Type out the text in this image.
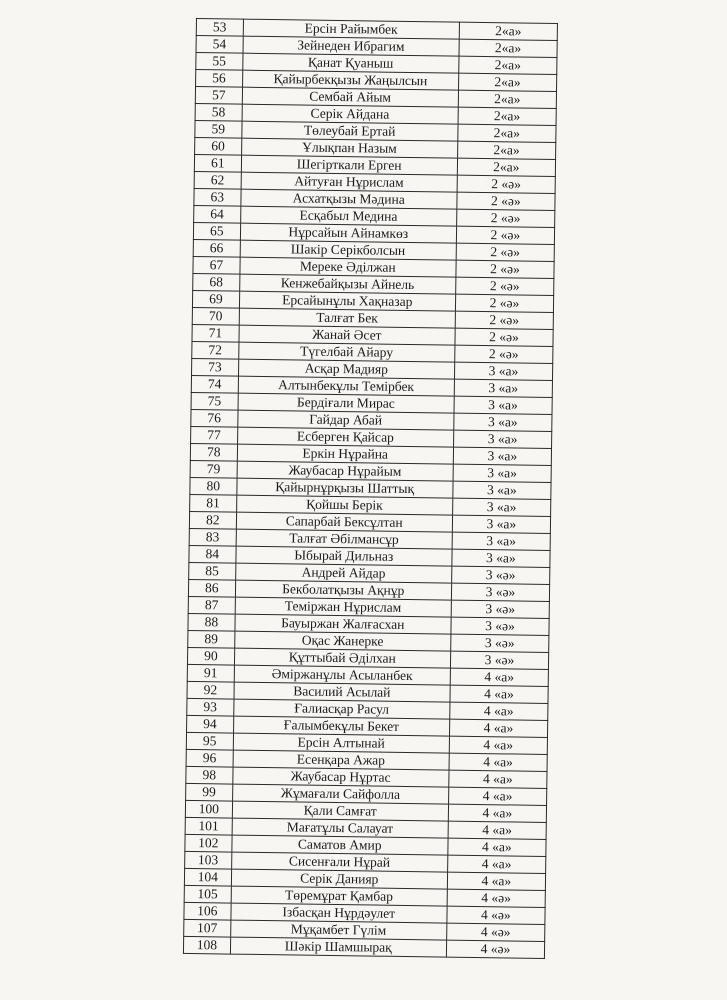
53	Ерсін Райымбек	2«а»
54	Зейнеден Ибрагим	2«а»
55	Қанат Қуаныш	2«а»
56	Қайырбекқызы Жаңылсын	2«а»
57	Сембай Айым	2«а»
58	Серік Айдана	2«а»
59	Төлеубай Ертай	2«а»
60	Ұлықпан Назым	2«а»
61	Шегірткали Ерген	2«а»
62	Айтуған Нұрислам	2 «ә»
63	Асхатқызы Мәдина	2 «ә»
64	Есқабыл Медина	2 «ә»
65	Нұрсайын Айнамкөз	2 «ә»
66	Шакір Серікболсын	2 «ә»
67	Мереке Әділжан	2 «ә»
68	Кенжебайқызы Айнель	2 «ә»
69	Ерсайынұлы Хақназар	2 «ә»
70	Талғат Бек	2 «ә»
71	Жанай Әсет	2 «ә»
72	Түгелбай Айару	2 «ә»
73	Асқар Мадияр	3 «а»
74	Алтынбекұлы Темірбек	3 «а»
75	Бердіғали Мирас	3 «а»
76	Гайдар Абай	3 «а»
77	Есберген Қайсар	3 «а»
78	Еркін Нұрайна	3 «а»
79	Жаубасар Нұрайым	3 «а»
80	Қайырнұрқызы Шаттық	3 «а»
81	Қойшы Берік	3 «а»
82	Сапарбай Бексұлтан	3 «а»
83	Талғат Әбілмансұр	3 «а»
84	Ыбырай Дильназ	3 «а»
85	Андрей Айдар	3 «ә»
86	Бекболатқызы Ақнұр	3 «ә»
87	Теміржан Нұрислам	3 «ә»
88	Бауыржан Жалғасхан	3 «ә»
89	Оқас Жанерке	3 «ә»
90	Құттыбай Әділхан	3 «ә»
91	Әміржанұлы Асыланбек	4 «а»
92	Василий Асылай	4 «а»
93	Ғалиасқар Расул	4 «а»
94	Ғалымбекұлы Бекет	4 «а»
95	Ерсін Алтынай	4 «а»
96	Есенқара Ажар	4 «а»
98	Жаубасар Нұртас	4 «а»
99	Жұмағали Сайфолла	4 «а»
100	Қали Самғат	4 «а»
101	Мағатұлы Салауат	4 «а»
102	Саматов Амир	4 «а»
103	Сисенғали Нұрай	4 «а»
104	Серік Данияр	4 «а»
105	Төремұрат Қамбар	4 «ә»
106	Ізбасқан Нұрдәулет	4 «ә»
107	Мұқамбет Гүлім	4 «ә»
108	Шәкір Шамшырақ	4 «ә»
